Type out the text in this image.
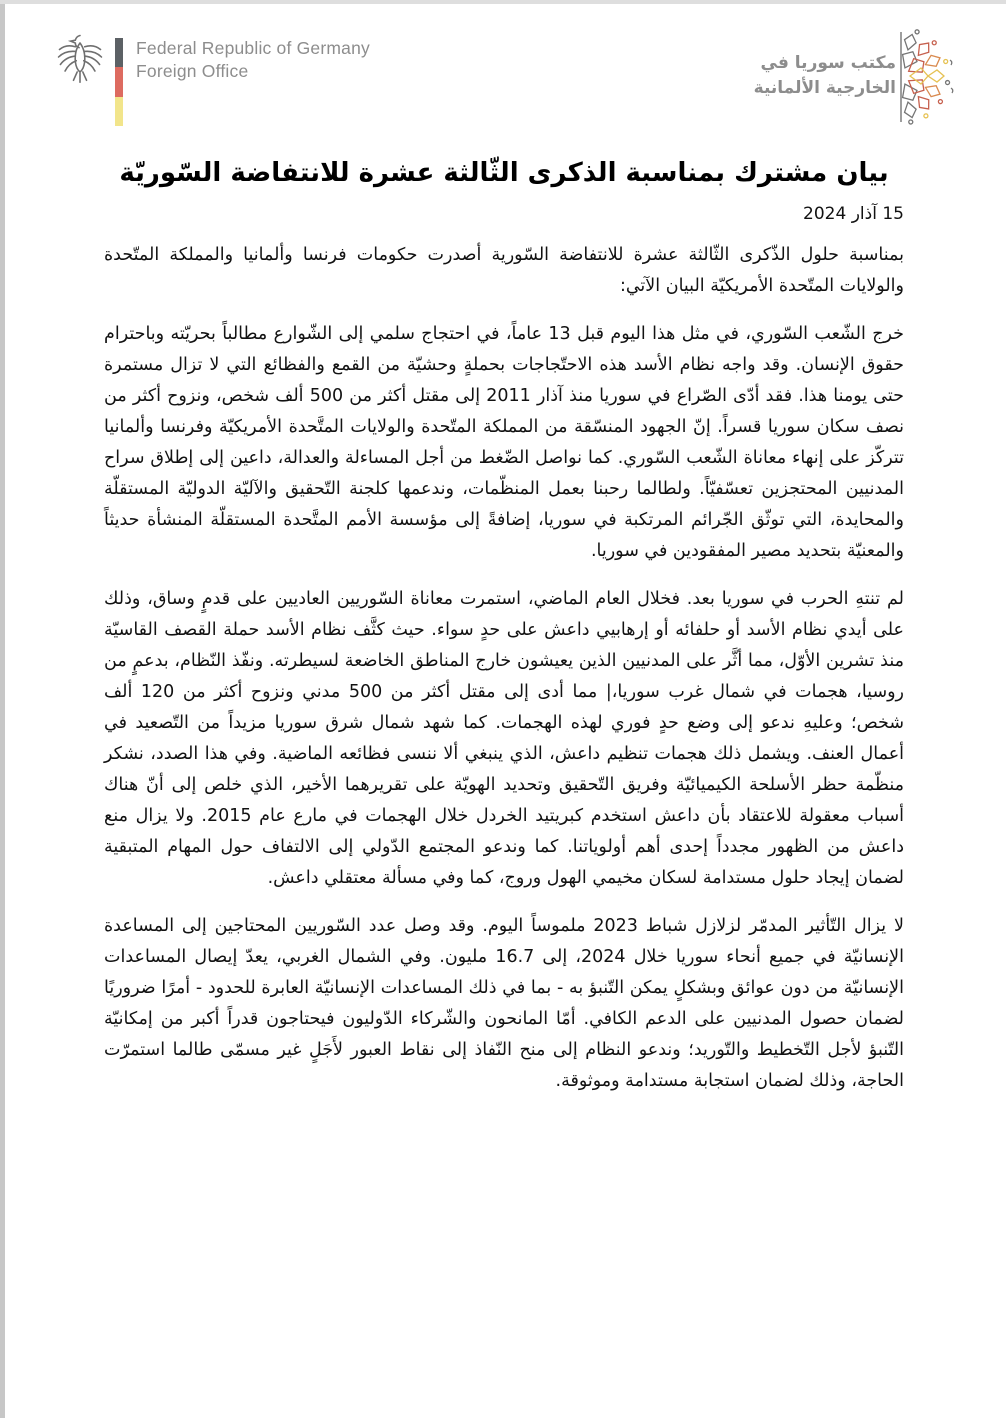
Federal Republic of Germany
Foreign Office	مكتب سوريا في
الخارجية الألمانية
بيان مشترك بمناسبة الذكرى الثّالثة عشرة للانتفاضة السّوريّة
15 آذار 2024

بمناسبة حلول الذّكرى الثّالثة عشرة للانتفاضة السّورية أصدرت حكومات فرنسا وألمانيا والمملكة المتّحدة والولايات المتّحدة الأمريكيّة البيان الآتي:

خرج الشّعب السّوري، في مثل هذا اليوم قبل 13 عاماً، في احتجاج سلمي إلى الشّوارع مطالباً بحريّته وباحترام حقوق الإنسان. وقد واجه نظام الأسد هذه الاحتّجاجات بحملةٍ وحشيّة من القمع والفظائع التي لا تزال مستمرة حتى يومنا هذا. فقد أدّى الصّراع في سوريا منذ آذار 2011 إلى مقتل أكثر من 500 ألف شخص، ونزوح أكثر من نصف سكان سوريا قسراً. إنّ الجهود المنسّقة من المملكة المتّحدة والولايات المتَّحدة الأمريكيّة وفرنسا وألمانيا تتركّز على إنهاء معاناة الشّعب السّوري. كما نواصل الضّغط من أجل المساءلة والعدالة، داعين إلى إطلاق سراح المدنيين المحتجزين تعسّفيّاً. ولطالما رحبنا بعمل المنظّمات، وندعمها كلجنة التّحقيق والآليّة الدوليّة المستقلّة والمحايدة، التي توثّق الجّرائم المرتكبة في سوريا، إضافةً إلى مؤسسة الأمم المتَّحدة المستقلّة المنشأة حديثاً والمعنيّة بتحديد مصير المفقودين في سوريا.

لم تنتهِ الحرب في سوريا بعد. فخلال العام الماضي، استمرت معاناة السّوريين العاديين على قدمٍ وساق، وذلك على أيدي نظام الأسد أو حلفائه أو إرهابيي داعش على حدٍ سواء. حيث كثَّف نظام الأسد حملة القصف القاسيّة منذ تشرين الأوّل، مما أثَّر على المدنيين الذين يعيشون خارج المناطق الخاضعة لسيطرته. ونفّذ النّظام، بدعمٍ من روسيا، هجمات في شمال غرب سوريا،| مما أدى إلى مقتل أكثر من 500 مدني ونزوح أكثر من 120 ألف شخص؛ وعليهِ ندعو إلى وضع حدٍ فوري لهذه الهجمات. كما شهد شمال شرق سوريا مزيداً من التّصعيد في أعمال العنف. ويشمل ذلك هجمات تنظيم داعش، الذي ينبغي ألا ننسى فظائعه الماضية. وفي هذا الصدد، نشكر منظّمة حظر الأسلحة الكيميائيّة وفريق التّحقيق وتحديد الهويّة على تقريرهما الأخير، الذي خلص إلى أنّ هناك أسباب معقولة للاعتقاد بأن داعش استخدم كبريتيد الخردل خلال الهجمات في مارع عام 2015. ولا يزال منع داعش من الظهور مجدداً إحدى أهم أولوياتنا. كما وندعو المجتمع الدّولي إلى الالتفاف حول المهام المتبقية لضمان إيجاد حلول مستدامة لسكان مخيمي الهول وروج، كما وفي مسألة معتقلي داعش.

لا يزال التّأثير المدمّر لزلازل شباط 2023 ملموساً اليوم. وقد وصل عدد السّوريين المحتاجين إلى المساعدة الإنسانيّة في جميع أنحاء سوريا خلال 2024، إلى 16.7 مليون. وفي الشمال الغربي، يعدّ إيصال المساعدات الإنسانيّة من دون عوائق وبشكلٍ يمكن التّنبؤ به - بما في ذلك المساعدات الإنسانيّة العابرة للحدود - أمرًا ضروريًا لضمان حصول المدنيين على الدعم الكافي. أمّا المانحون والشّركاء الدّوليون فيحتاجون قدراً أكبر من إمكانيّة التّنبؤ لأجل التّخطيط والتّوريد؛ وندعو النظام إلى منح النّفاذ إلى نقاط العبور لأَجَلٍ غير مسمّى طالما استمرّت الحاجة، وذلك لضمان استجابة مستدامة وموثوقة.
